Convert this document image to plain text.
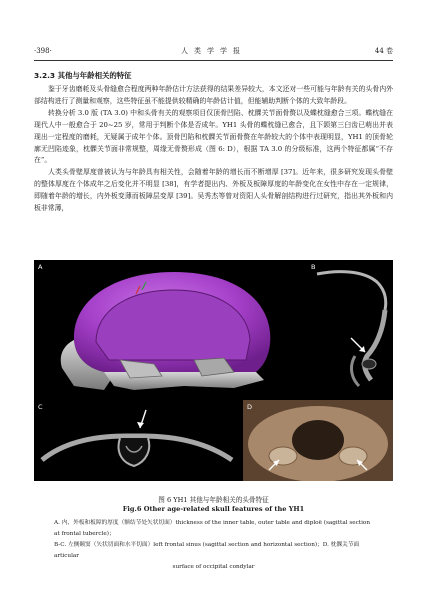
·398·	人类学学报	44 卷
3.2.3 其他与年龄相关的特征

鉴于牙齿磨耗及头骨缝愈合程度两种年龄估计方法获得的结果差异较大，本文还对一些可能与年龄有关的头骨内外部结构进行了测量和观察，这些特征虽不能提供较精确的年龄估计值，但能辅助判断个体的大致年龄段。

转换分析 3.0 版 (TA 3.0) 中和头骨有关的观察项目仅顶骨凹陷、枕髁关节面骨赘以及蝶枕缝愈合三项。蝶枕缝在现代人中一般愈合于 20~25 岁，常用于判断个体是否成年。YH1 头骨的蝶枕缝已愈合，且下颌第三臼齿已萌出并表现出一定程度的磨耗，无疑属于成年个体。顶骨凹陷和枕髁关节面骨赘在年龄较大的个体中表现明显，YH1 的顶骨轮廓无凹陷迹象，枕髁关节面非常规整，周缘无骨赘形成（图 6: D），根据 TA 3.0 的分级标准，这两个特征都属“不存在”。

人类头骨壁厚度曾被认为与年龄具有相关性，会随着年龄的增长而不断增厚 [37]。近年来，很多研究发现头骨壁的整体厚度在个体成年之后变化并不明显 [38]，有学者提出内、外板及板障厚度的年龄变化在女性中存在一定规律，即随着年龄的增长，内外板变薄而板障层变厚 [39]。吴秀杰等曾对资阳人头骨解剖结构进行过研究，指出其外板和内板非常薄，

A	B
C	D
图 6 YH1 其他与年龄相关的头骨特征
Fig.6 Other age-related skull features of the YH1
A. 内、外板和板障的厚度（额结节处矢状切面）thickness of the inner table, outer table and diploë (sagittal section at frontal tubercle)；
B-C. 左侧颞窦（矢状切面和水平切面）left frontal sinus (sagittal section and horizontal section)；D. 枕髁关节面 articular
surface of occipital condylar
